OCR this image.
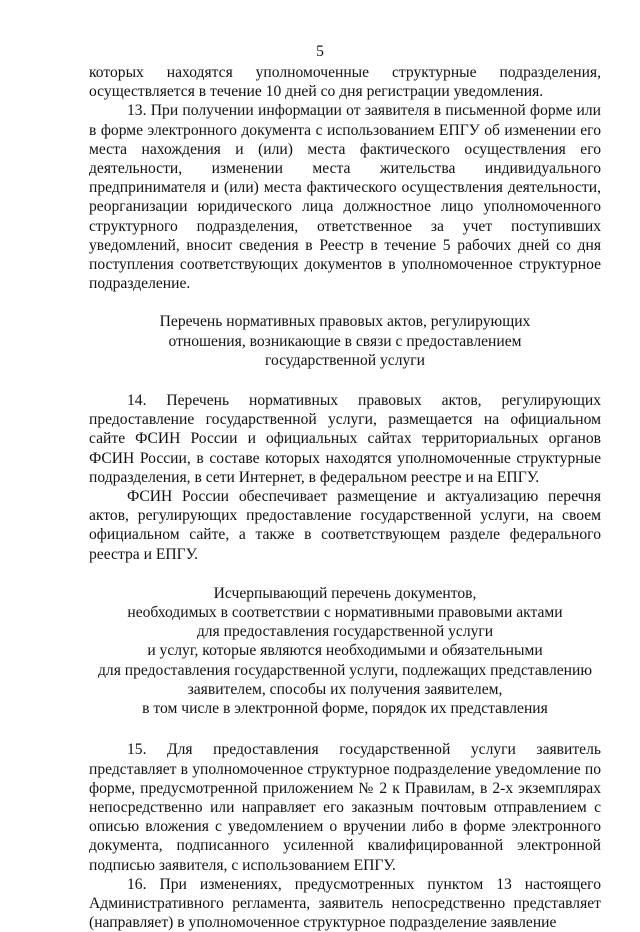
5

которых находятся уполномоченные структурные подразделения, осуществляется в течение 10 дней со дня регистрации уведомления.

13. При получении информации от заявителя в письменной форме или в форме электронного документа с использованием ЕПГУ об изменении его места нахождения и (или) места фактического осуществления его деятельности, изменении места жительства индивидуального предпринимателя и (или) места фактического осуществления деятельности, реорганизации юридического лица должностное лицо уполномоченного структурного подразделения, ответственное за учет поступивших уведомлений, вносит сведения в Реестр в течение 5 рабочих дней со дня поступления соответствующих документов в уполномоченное структурное подразделение.

Перечень нормативных правовых актов, регулирующих
отношения, возникающие в связи с предоставлением
государственной услуги

14. Перечень нормативных правовых актов, регулирующих предоставление государственной услуги, размещается на официальном сайте ФСИН России и официальных сайтах территориальных органов ФСИН России, в составе которых находятся уполномоченные структурные подразделения, в сети Интернет, в федеральном реестре и на ЕПГУ.

ФСИН России обеспечивает размещение и актуализацию перечня актов, регулирующих предоставление государственной услуги, на своем официальном сайте, а также в соответствующем разделе федерального реестра и ЕПГУ.

Исчерпывающий перечень документов,
необходимых в соответствии с нормативными правовыми актами
для предоставления государственной услуги
и услуг, которые являются необходимыми и обязательными
для предоставления государственной услуги, подлежащих представлению
заявителем, способы их получения заявителем,
в том числе в электронной форме, порядок их представления

15. Для предоставления государственной услуги заявитель представляет в уполномоченное структурное подразделение уведомление по форме, предусмотренной приложением № 2 к Правилам, в 2-х экземплярах непосредственно или направляет его заказным почтовым отправлением с описью вложения с уведомлением о вручении либо в форме электронного документа, подписанного усиленной квалифицированной электронной подписью заявителя, с использованием ЕПГУ.

16. При изменениях, предусмотренных пунктом 13 настоящего Административного регламента, заявитель непосредственно представляет (направляет) в уполномоченное структурное подразделение заявление
